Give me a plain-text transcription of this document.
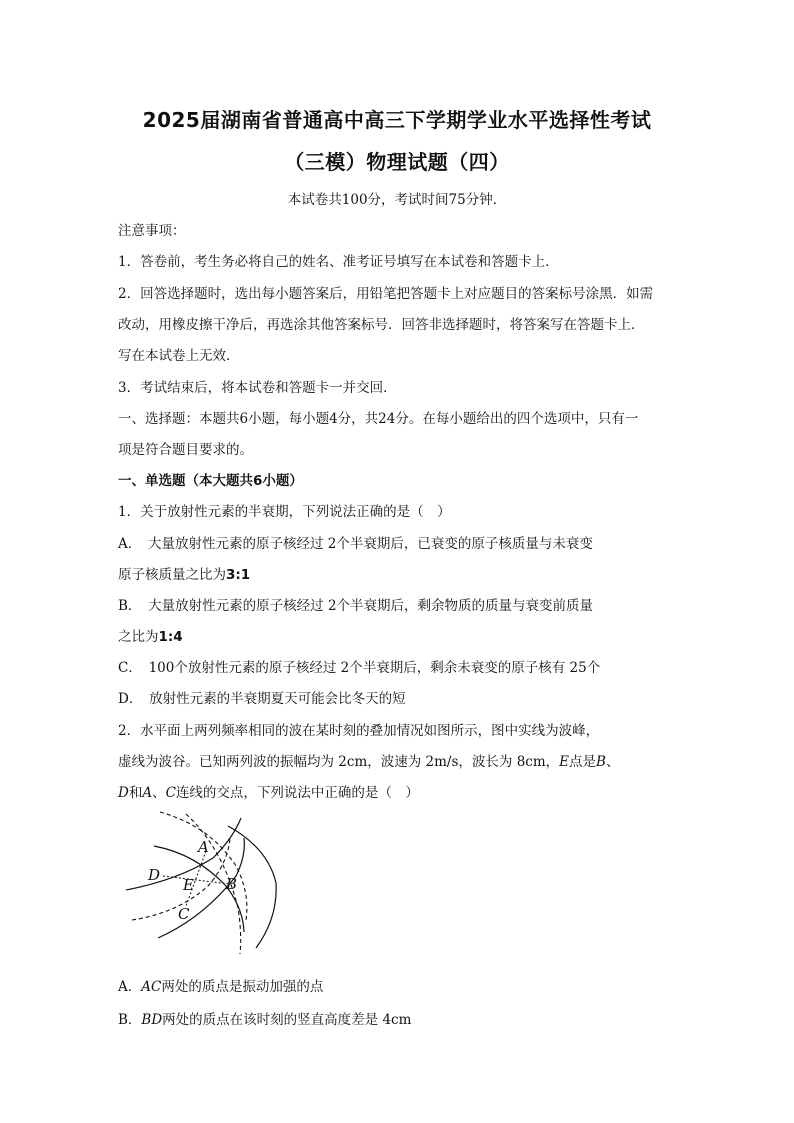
2025届湖南省普通高中高三下学期学业水平选择性考试
（三模）物理试题（四）
本试卷共100分，考试时间75分钟．
注意事项：
1．答卷前，考生务必将自己的姓名、准考证号填写在本试卷和答题卡上．
2．回答选择题时，选出每小题答案后，用铅笔把答题卡上对应题目的答案标号涂黑．如需
改动，用橡皮擦干净后，再选涂其他答案标号．回答非选择题时，将答案写在答题卡上．
写在本试卷上无效．
3．考试结束后，将本试卷和答题卡一并交回．
一、选择题：本题共6小题，每小题4分，共24分。在每小题给出的四个选项中，只有一
项是符合题目要求的。
一、单选题（本大题共6小题）
1．关于放射性元素的半衰期，下列说法正确的是（　）
A．　大量放射性元素的原子核经过 2个半衰期后，已衰变的原子核质量与未衰变
原子核质量之比为3:1
B．　大量放射性元素的原子核经过 2个半衰期后，剩余物质的质量与衰变前质量
之比为1:4
C．　100个放射性元素的原子核经过 2个半衰期后，剩余未衰变的原子核有 25个
D．　放射性元素的半衰期夏天可能会比冬天的短
2．水平面上两列频率相同的波在某时刻的叠加情况如图所示，图中实线为波峰，
虚线为波谷。已知两列波的振幅均为 2cm，波速为 2m/s，波长为 8cm，E点是B、
D和A、C连线的交点，下列说法中正确的是（　）
A
D
E B
C
A．AC两处的质点是振动加强的点
B．BD两处的质点在该时刻的竖直高度差是 4cm
